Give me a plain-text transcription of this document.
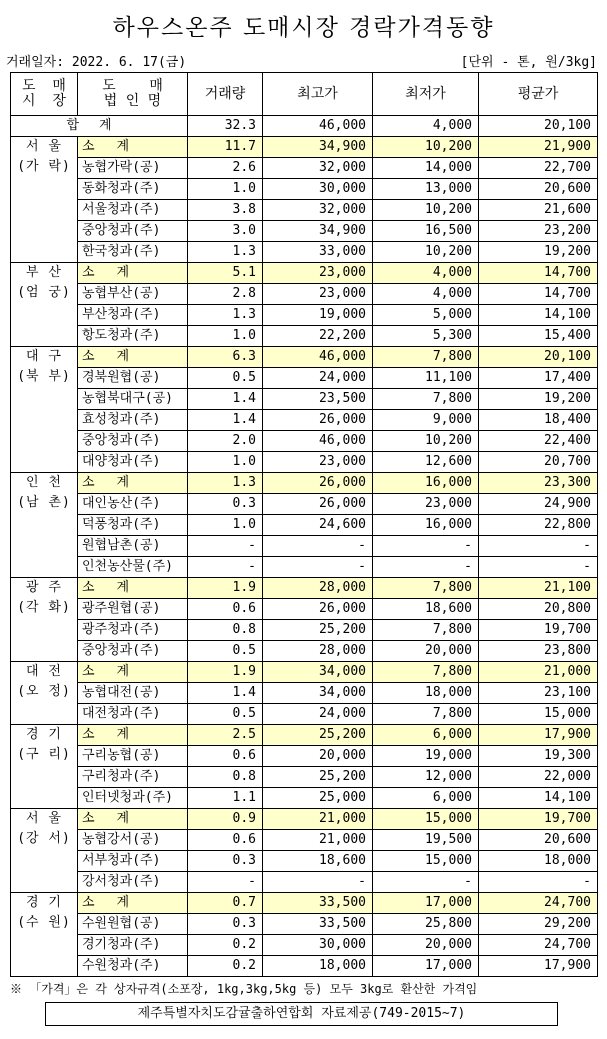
하우스온주 도매시장 경락가격동향
거래일자: 2022. 6. 17(금)	[단위 - 톤, 원/3kg]
도  매
시  장	도    매
법 인 명	거래량	최고가	최저가	평균가
합계		32.3	46,000	4,000	20,100

서 울
(가 락)	소계	11.7	34,900	10,200	21,900
	농협가락(공)	2.6	32,000	14,000	22,700
	동화청과(주)	1.0	30,000	13,000	20,600
	서울청과(주)	3.8	32,000	10,200	21,600
	중앙청과(주)	3.0	34,900	16,500	23,200
	한국청과(주)	1.3	33,000	10,200	19,200

부 산
(엄 궁)	소계	5.1	23,000	4,000	14,700
	농협부산(공)	2.8	23,000	4,000	14,700
	부산청과(주)	1.3	19,000	5,000	14,100
	항도청과(주)	1.0	22,200	5,300	15,400

대 구
(북 부)	소계	6.3	46,000	7,800	20,100
	경북원협(공)	0.5	24,000	11,100	17,400
	농협북대구(공)	1.4	23,500	7,800	19,200
	효성청과(주)	1.4	26,000	9,000	18,400
	중앙청과(주)	2.0	46,000	10,200	22,400
	대양청과(주)	1.0	23,000	12,600	20,700

인 천
(남 촌)	소계	1.3	26,000	16,000	23,300
	대인농산(주)	0.3	26,000	23,000	24,900
	덕풍청과(주)	1.0	24,600	16,000	22,800
	원협남촌(공)	-	-	-	-
	인천농산물(주)	-	-	-	-

광 주
(각 화)	소계	1.9	28,000	7,800	21,100
	광주원협(공)	0.6	26,000	18,600	20,800
	광주청과(주)	0.8	25,200	7,800	19,700
	중앙청과(주)	0.5	28,000	20,000	23,800

대 전
(오 정)	소계	1.9	34,000	7,800	21,000
	농협대전(공)	1.4	34,000	18,000	23,100
	대전청과(주)	0.5	24,000	7,800	15,000

경 기
(구 리)	소계	2.5	25,200	6,000	17,900
	구리농협(공)	0.6	20,000	19,000	19,300
	구리청과(주)	0.8	25,200	12,000	22,000
	인터넷청과(주)	1.1	25,000	6,000	14,100

서 울
(강 서)	소계	0.9	21,000	15,000	19,700
	농협강서(공)	0.6	21,000	19,500	20,600
	서부청과(주)	0.3	18,600	15,000	18,000
	강서청과(주)	-	-	-	-

경 기
(수 원)	소계	0.7	33,500	17,000	24,700
	수원원협(공)	0.3	33,500	25,800	29,200
	경기청과(주)	0.2	30,000	20,000	24,700
	수원청과(주)	0.2	18,000	17,000	17,900
※ 「가격」은 각 상자규격(소포장, 1kg,3kg,5kg 등) 모두 3kg로 환산한 가격임
제주특별자치도감귤출하연합회 자료제공(749-2015~7)
